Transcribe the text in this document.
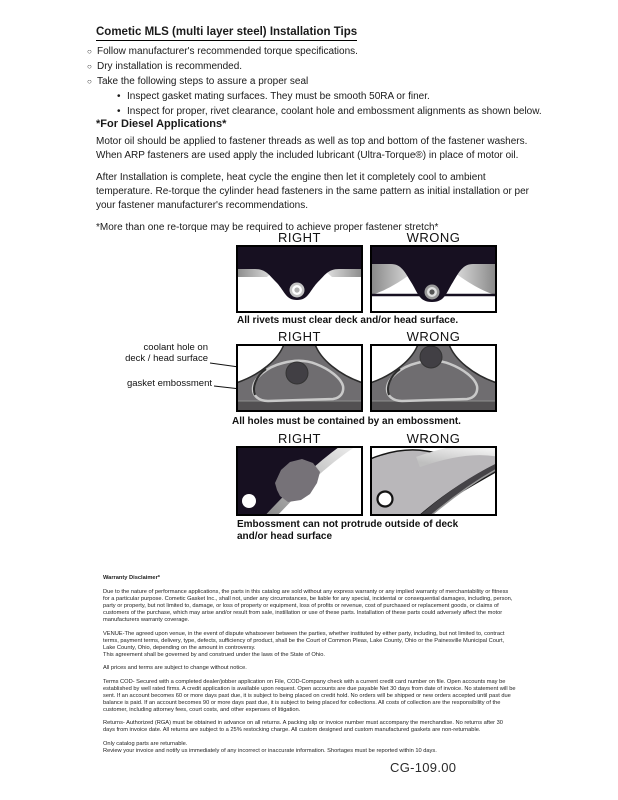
Cometic MLS (multi layer steel) Installation Tips
○ Follow manufacturer's recommended torque specifications.
○ Dry installation is recommended.
○ Take the following steps to assure a proper seal
• Inspect gasket mating surfaces. They must be smooth 50RA or finer.
• Inspect for proper, rivet clearance, coolant hole and embossment alignments as shown below.
*For Diesel Applications*

Motor oil should be applied to fastener threads as well as top and bottom of the fastener washers. When ARP fasteners are used apply the included lubricant (Ultra-Torque®) in place of motor oil.

After Installation is complete, heat cycle the engine then let it completely cool to ambient temperature. Re-torque the cylinder head fasteners in the same pattern as initial installation or per your fastener manufacturer's recommendations.

*More than one re-torque may be required to achieve proper fastener stretch*

RIGHT	WRONG
All rivets must clear deck and/or head surface.
RIGHT	WRONG
coolant hole on
deck / head surface
gasket embossment
All holes must be contained by an embossment.
RIGHT	WRONG
Embossment can not protrude outside of deck
and/or head surface

Warranty Disclaimer*

Due to the nature of performance applications, the parts in this catalog are sold without any express warranty or any implied warranty of merchantability or fitness for a particular purpose. Cometic Gasket Inc., shall not, under any circumstances, be liable for any special, incidental or consequential damages, including, person, party or property, but not limited to, damage, or loss of property or equipment, loss of profits or revenue, cost of purchased or replacement goods, or claims of customers of the purchase, which may arise and/or result from sale, instillation or use of these parts. Installation of these parts could adversely affect the motor manufacturers warranty coverage.

VENUE-The agreed upon venue, in the event of dispute whatsoever between the parties, whether instituted by either party, including, but not limited to, contract terms, payment terms, delivery, type, defects, sufficiency of product, shall be the Court of Common Pleas, Lake County, Ohio or the Painesville Municipal Court, Lake County, Ohio, depending on the amount in controversy.

This agreement shall be governed by and construed under the laws of the State of Ohio.

All prices and terms are subject to change without notice.

Terms COD- Secured with a completed dealer/jobber application on File, COD-Company check with a current credit card number on file. Open accounts may be established by well rated firms. A credit application is available upon request. Open accounts are due payable Net 30 days from date of invoice. No statement will be sent. If an account becomes 60 or more days past due, it is subject to being placed on credit hold. No orders will be shipped or new orders accepted until past due balance is paid. If an account becomes 90 or more days past due, it is subject to being placed for collections. All costs of collection are the responsibility of the customer, including attorney fees, court costs, and other expenses of litigation.

Returns- Authorized (RGA) must be obtained in advance on all returns. A packing slip or invoice number must accompany the merchandise. No returns after 30 days from invoice date. All returns are subject to a 25% restocking charge. All custom designed and custom manufactured gaskets are non-returnable.

Only catalog parts are returnable.

Review your invoice and notify us immediately of any incorrect or inaccurate information. Shortages must be reported within 10 days.

CG-109.00
